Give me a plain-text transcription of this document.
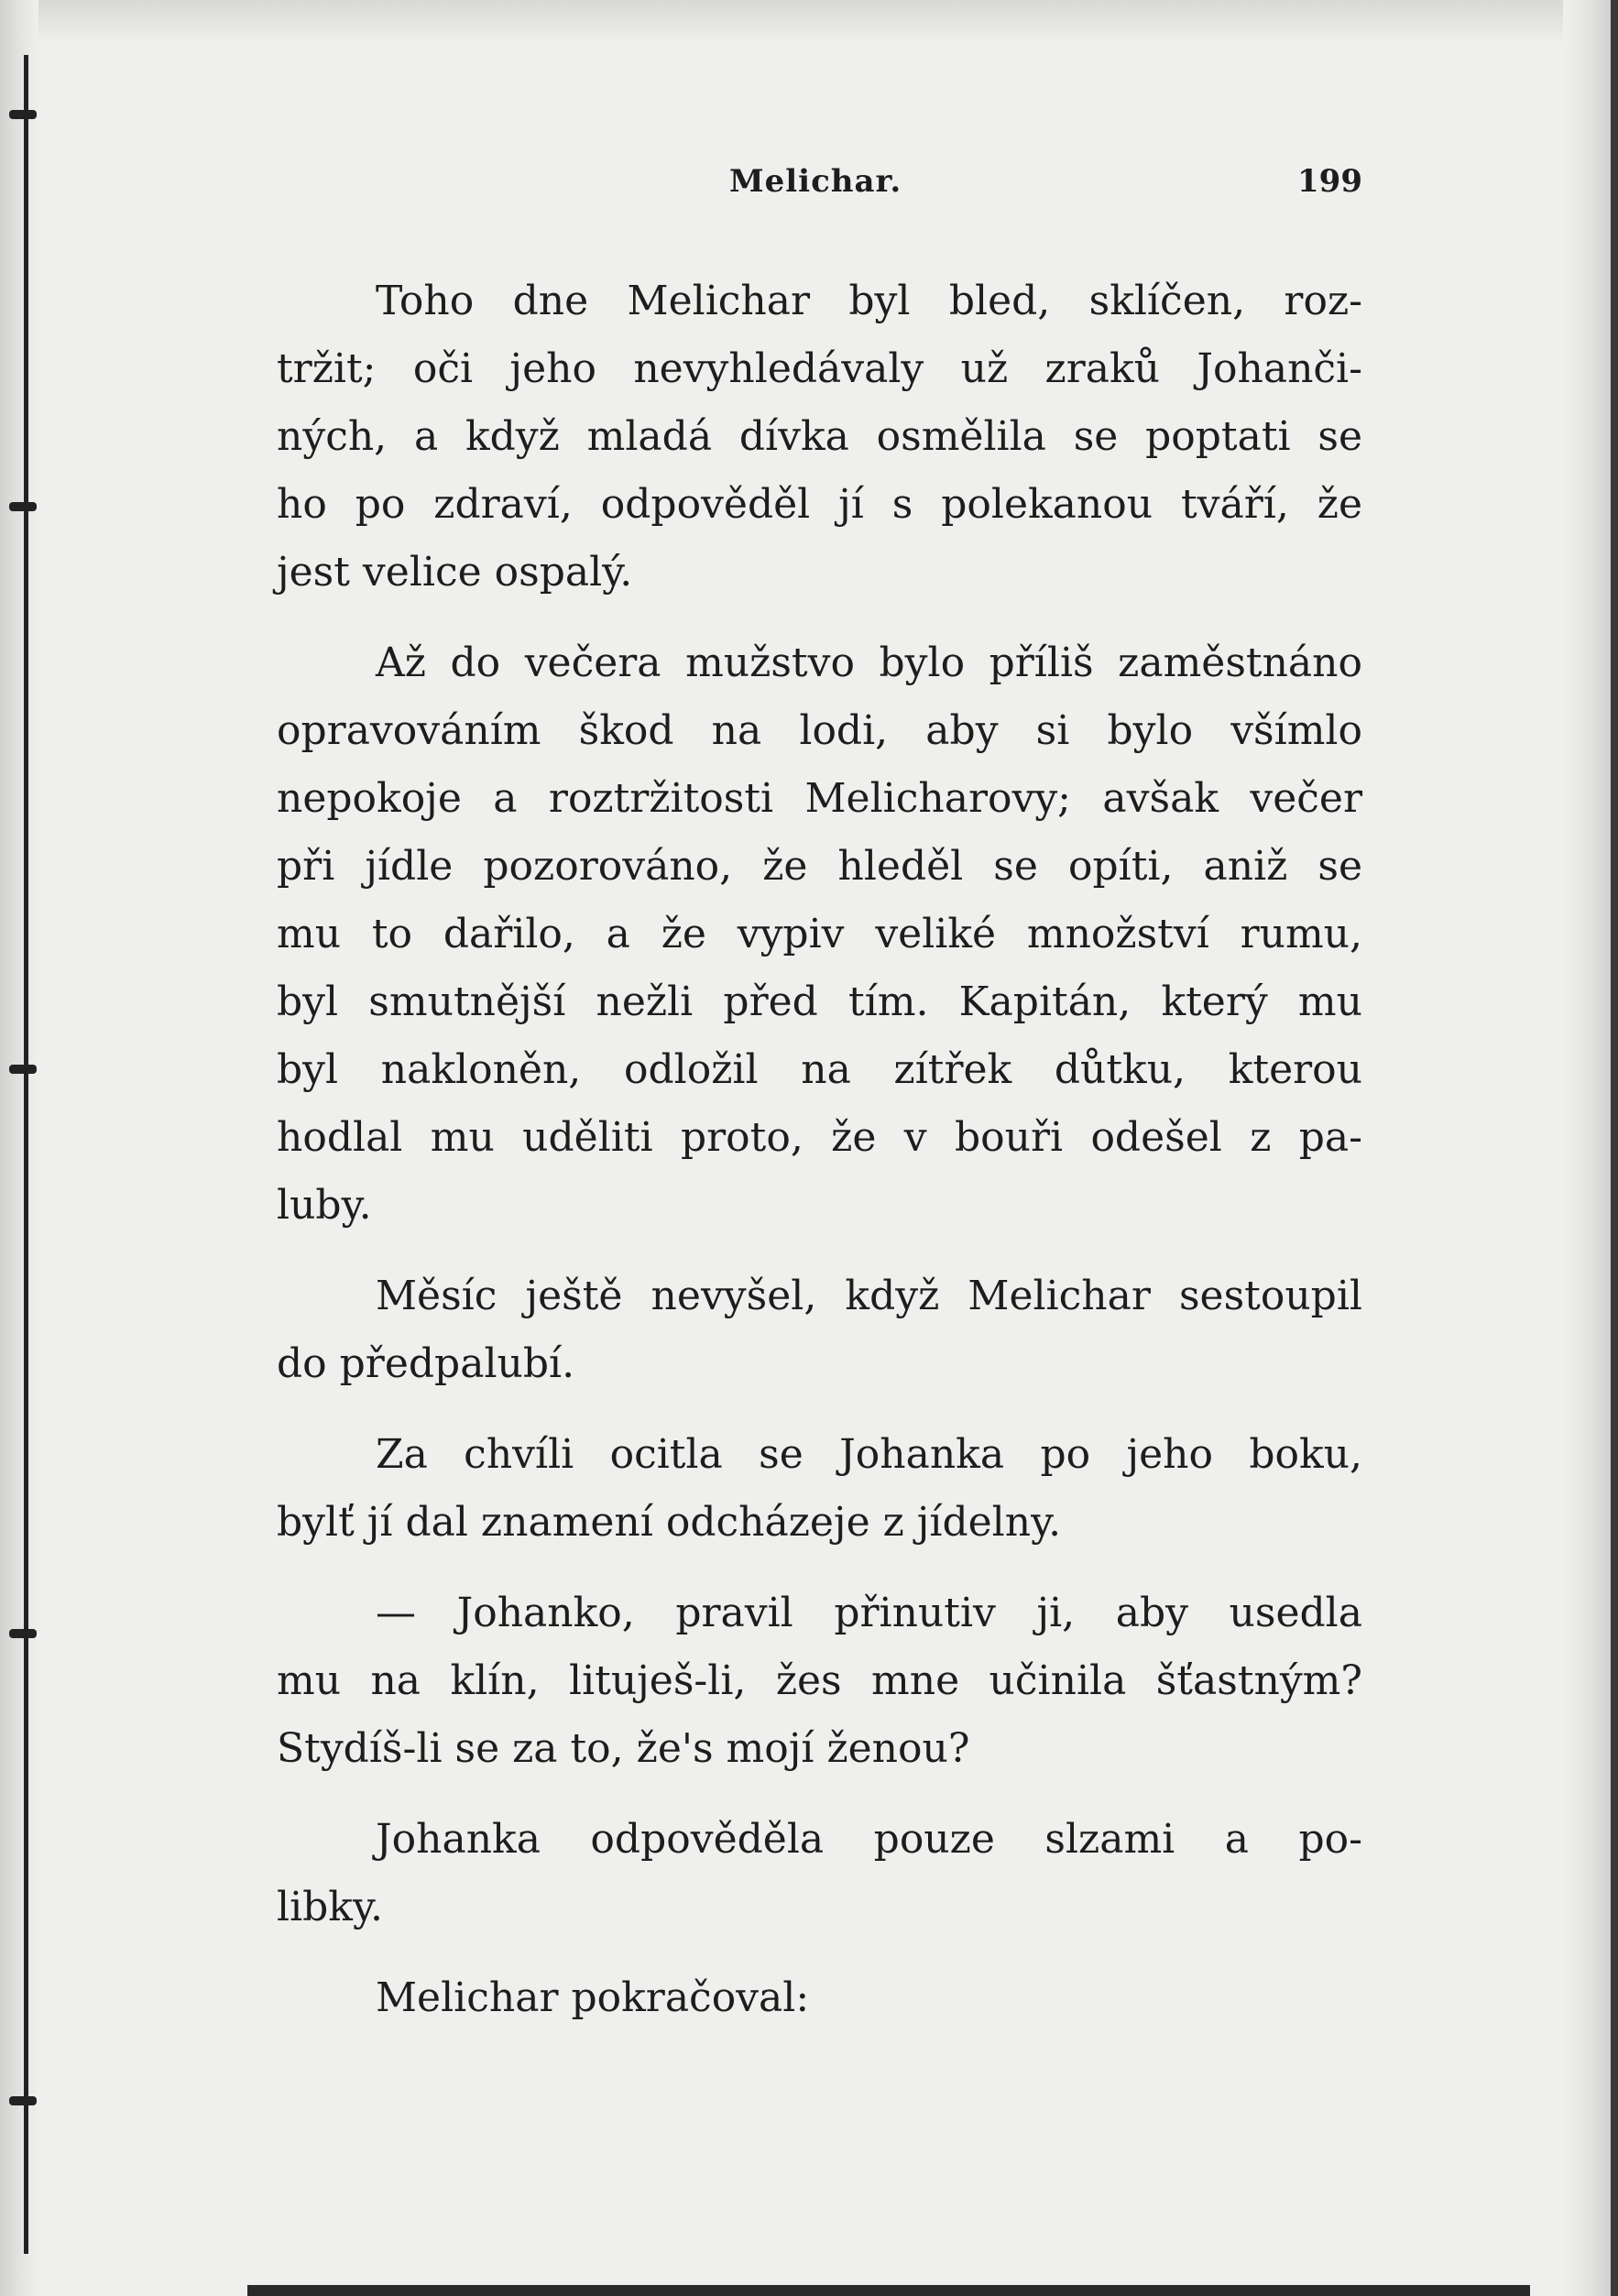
Melichar.	199

Toho dne Melichar byl bled, sklíčen, roz-
tržit; oči jeho nevyhledávaly už zraků Johanči-
ných, a když mladá dívka osmělila se poptati se
ho po zdraví, odpověděl jí s polekanou tváří, že
jest velice ospalý.

Až do večera mužstvo bylo příliš zaměstnáno
opravováním škod na lodi, aby si bylo všímlo
nepokoje a roztržitosti Melicharovy; avšak večer
při jídle pozorováno, že hleděl se opíti, aniž se
mu to dařilo, a že vypiv veliké množství rumu,
byl smutnější nežli před tím. Kapitán, který mu
byl nakloněn, odložil na zítřek důtku, kterou
hodlal mu uděliti proto, že v bouři odešel z pa-
luby.

Měsíc ještě nevyšel, když Melichar sestoupil
do předpalubí.

Za chvíli ocitla se Johanka po jeho boku,
bylť jí dal znamení odcházeje z jídelny.

— Johanko, pravil přinutiv ji, aby usedla
mu na klín, lituješ-li, žes mne učinila šťastným?
Stydíš-li se za to, že's mojí ženou?

Johanka odpověděla pouze slzami a po-
libky.

Melichar pokračoval:
